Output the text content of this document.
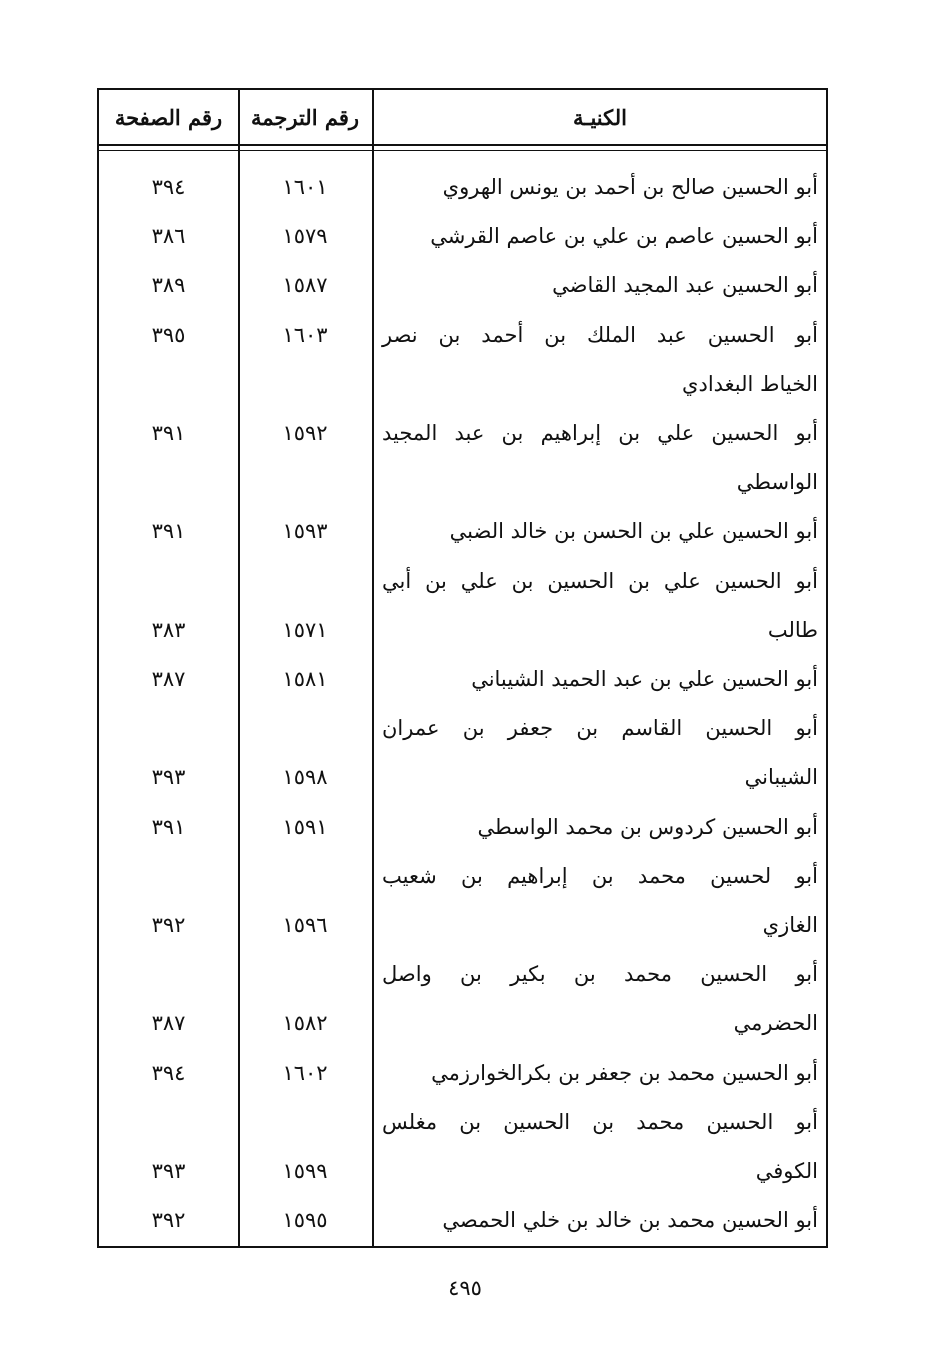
الكنيـة
رقم الترجمة
رقم الصفحة
أبو الحسين صالح بن أحمد بن يونس الهروي
١٦٠١
٣٩٤
أبو الحسين عاصم بن علي بن عاصم القرشي
١٥٧٩
٣٨٦
أبو الحسين عبد المجيد القاضي
١٥٨٧
٣٨٩
أبو الحسين عبد الملك بن أحمد بن نصر
الخياط البغدادي
١٦٠٣
٣٩٥
أبو الحسين علي بن إبراهيم بن عبد المجيد
الواسطي
١٥٩٢
٣٩١
أبو الحسين علي بن الحسن بن خالد الضبي
١٥٩٣
٣٩١
أبو الحسين علي بن الحسين بن علي بن أبي
طالب
١٥٧١
٣٨٣
أبو الحسين علي بن عبد الحميد الشيباني
١٥٨١
٣٨٧
أبو الحسين القاسم بن جعفر بن عمران
الشيباني
١٥٩٨
٣٩٣
أبو الحسين كردوس بن محمد الواسطي
١٥٩١
٣٩١
أبو لحسين محمد بن إبراهيم بن شعيب
الغازي
١٥٩٦
٣٩٢
أبو الحسين محمد بن بكير بن واصل
الحضرمي
١٥٨٢
٣٨٧
أبو الحسين محمد بن جعفر بن بكرالخوارزمي
١٦٠٢
٣٩٤
أبو الحسين محمد بن الحسين بن مغلس
الكوفي
١٥٩٩
٣٩٣
أبو الحسين محمد بن خالد بن خلي الحمصي
١٥٩٥
٣٩٢
٤٩٥
